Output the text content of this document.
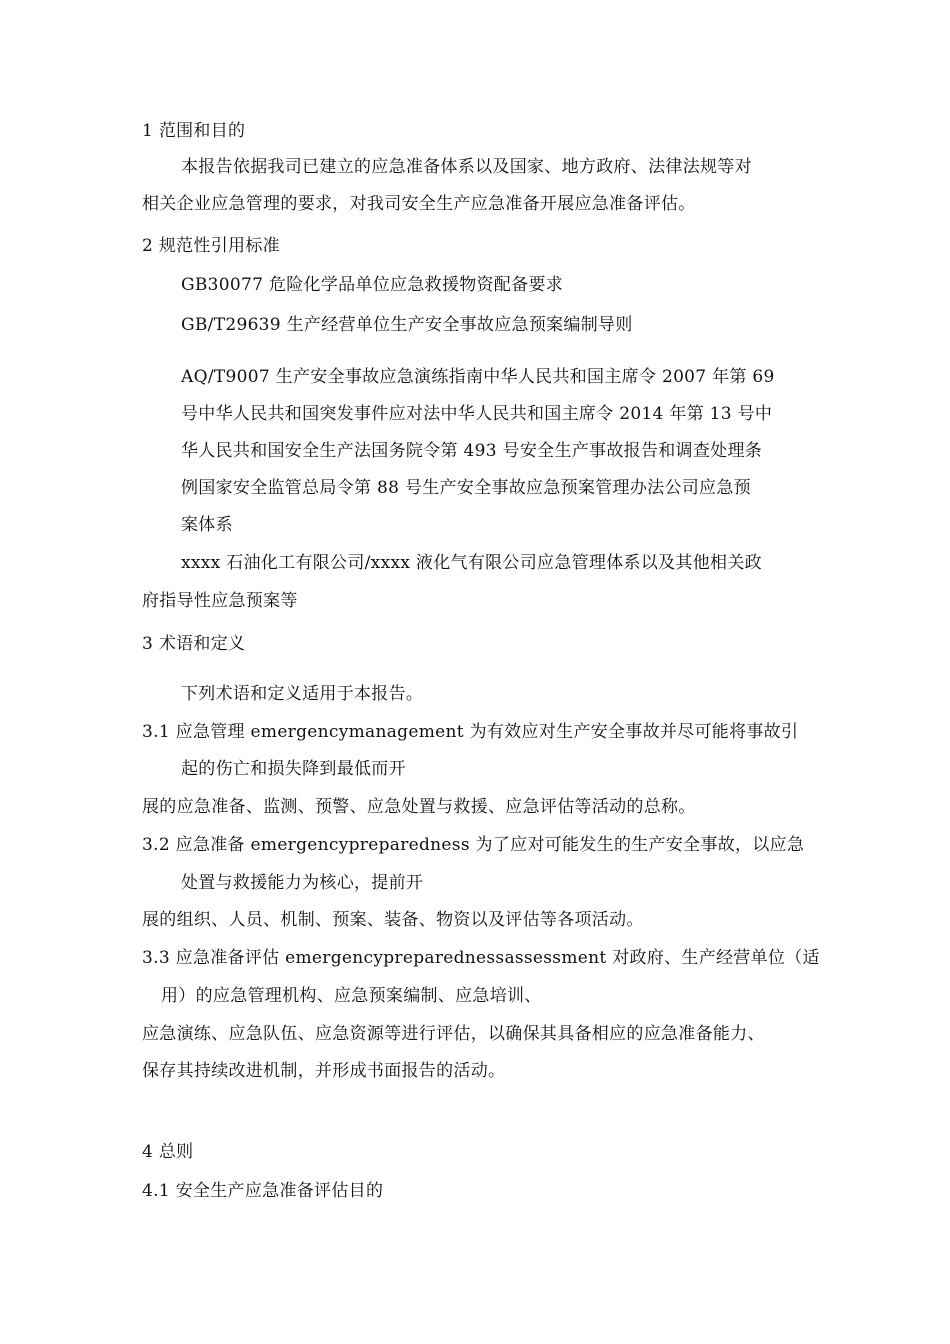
1 范围和目的
本报告依据我司已建立的应急准备体系以及国家、地方政府、法律法规等对
相关企业应急管理的要求，对我司安全生产应急准备开展应急准备评估。
2 规范性引用标准
GB30077 危险化学品单位应急救援物资配备要求
GB/T29639 生产经营单位生产安全事故应急预案编制导则
AQ/T9007 生产安全事故应急演练指南中华人民共和国主席令 2007 年第 69
号中华人民共和国突发事件应对法中华人民共和国主席令 2014 年第 13 号中
华人民共和国安全生产法国务院令第 493 号安全生产事故报告和调查处理条
例国家安全监管总局令第 88 号生产安全事故应急预案管理办法公司应急预
案体系
xxxx 石油化工有限公司/xxxx 液化气有限公司应急管理体系以及其他相关政
府指导性应急预案等
3 术语和定义
下列术语和定义适用于本报告。
3.1 应急管理 emergencymanagement 为有效应对生产安全事故并尽可能将事故引
起的伤亡和损失降到最低而开
展的应急准备、监测、预警、应急处置与救援、应急评估等活动的总称。
3.2 应急准备 emergencypreparedness 为了应对可能发生的生产安全事故，以应急
处置与救援能力为核心，提前开
展的组织、人员、机制、预案、装备、物资以及评估等各项活动。
3.3 应急准备评估 emergencypreparednessassessment 对政府、生产经营单位（适
用）的应急管理机构、应急预案编制、应急培训、
应急演练、应急队伍、应急资源等进行评估，以确保其具备相应的应急准备能力、
保存其持续改进机制，并形成书面报告的活动。
4 总则
4.1 安全生产应急准备评估目的
